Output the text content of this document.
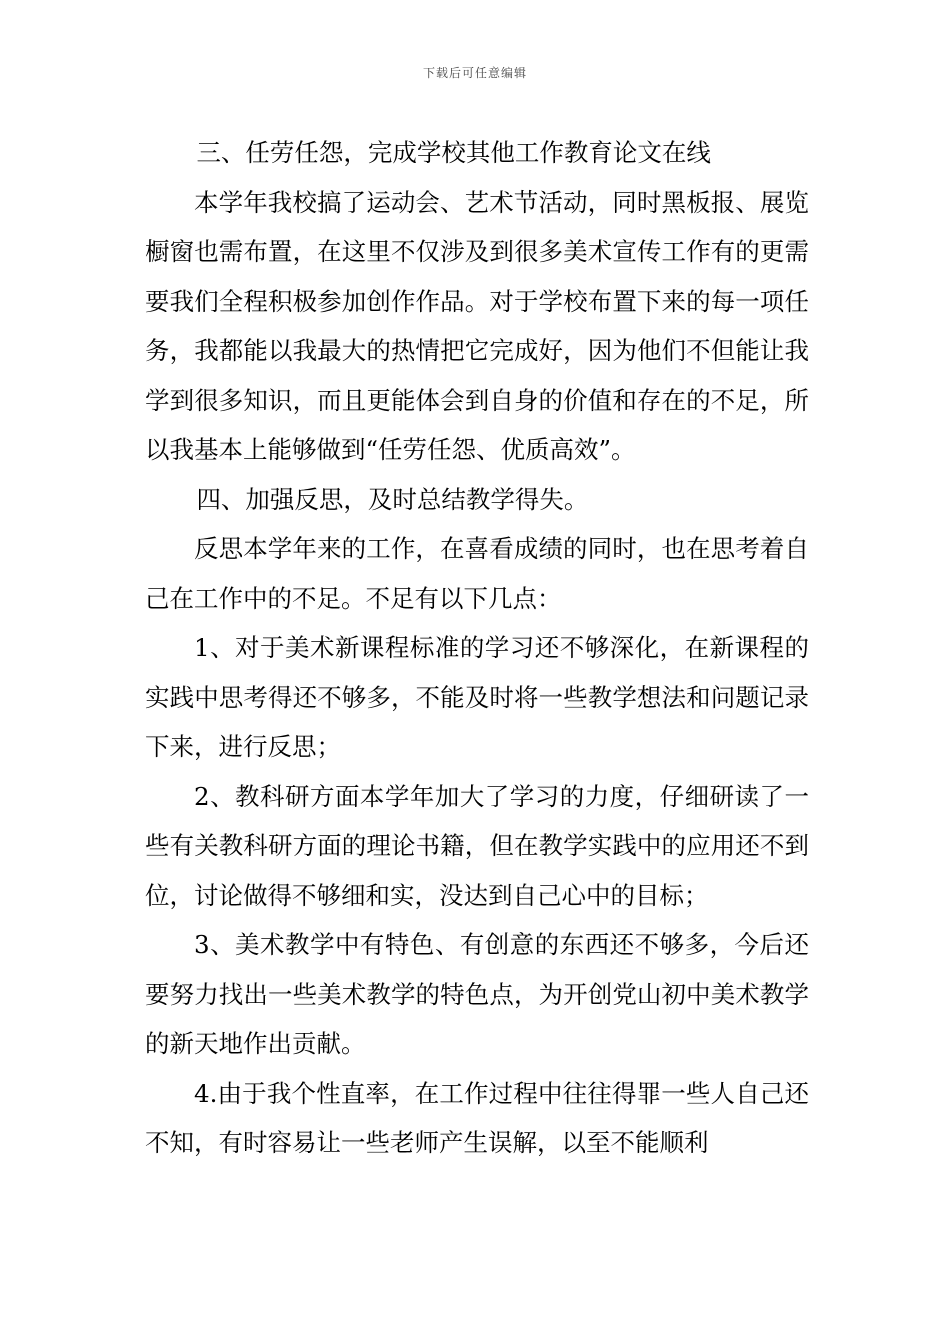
下载后可任意编辑

三、任劳任怨，完成学校其他工作教育论文在线

本学年我校搞了运动会、艺术节活动，同时黑板报、展览橱窗也需布置，在这里不仅涉及到很多美术宣传工作有的更需要我们全程积极参加创作作品。对于学校布置下来的每一项任务，我都能以我最大的热情把它完成好，因为他们不但能让我学到很多知识，而且更能体会到自身的价值和存在的不足，所以我基本上能够做到“任劳任怨、优质高效”。

四、加强反思，及时总结教学得失。

反思本学年来的工作，在喜看成绩的同时，也在思考着自己在工作中的不足。不足有以下几点：

1、对于美术新课程标准的学习还不够深化，在新课程的实践中思考得还不够多，不能及时将一些教学想法和问题记录下来，进行反思；

2、教科研方面本学年加大了学习的力度，仔细研读了一些有关教科研方面的理论书籍，但在教学实践中的应用还不到位，讨论做得不够细和实，没达到自己心中的目标；

3、美术教学中有特色、有创意的东西还不够多，今后还要努力找出一些美术教学的特色点，为开创党山初中美术教学的新天地作出贡献。

4.由于我个性直率，在工作过程中往往得罪一些人自己还不知，有时容易让一些老师产生误解，以至不能顺利
